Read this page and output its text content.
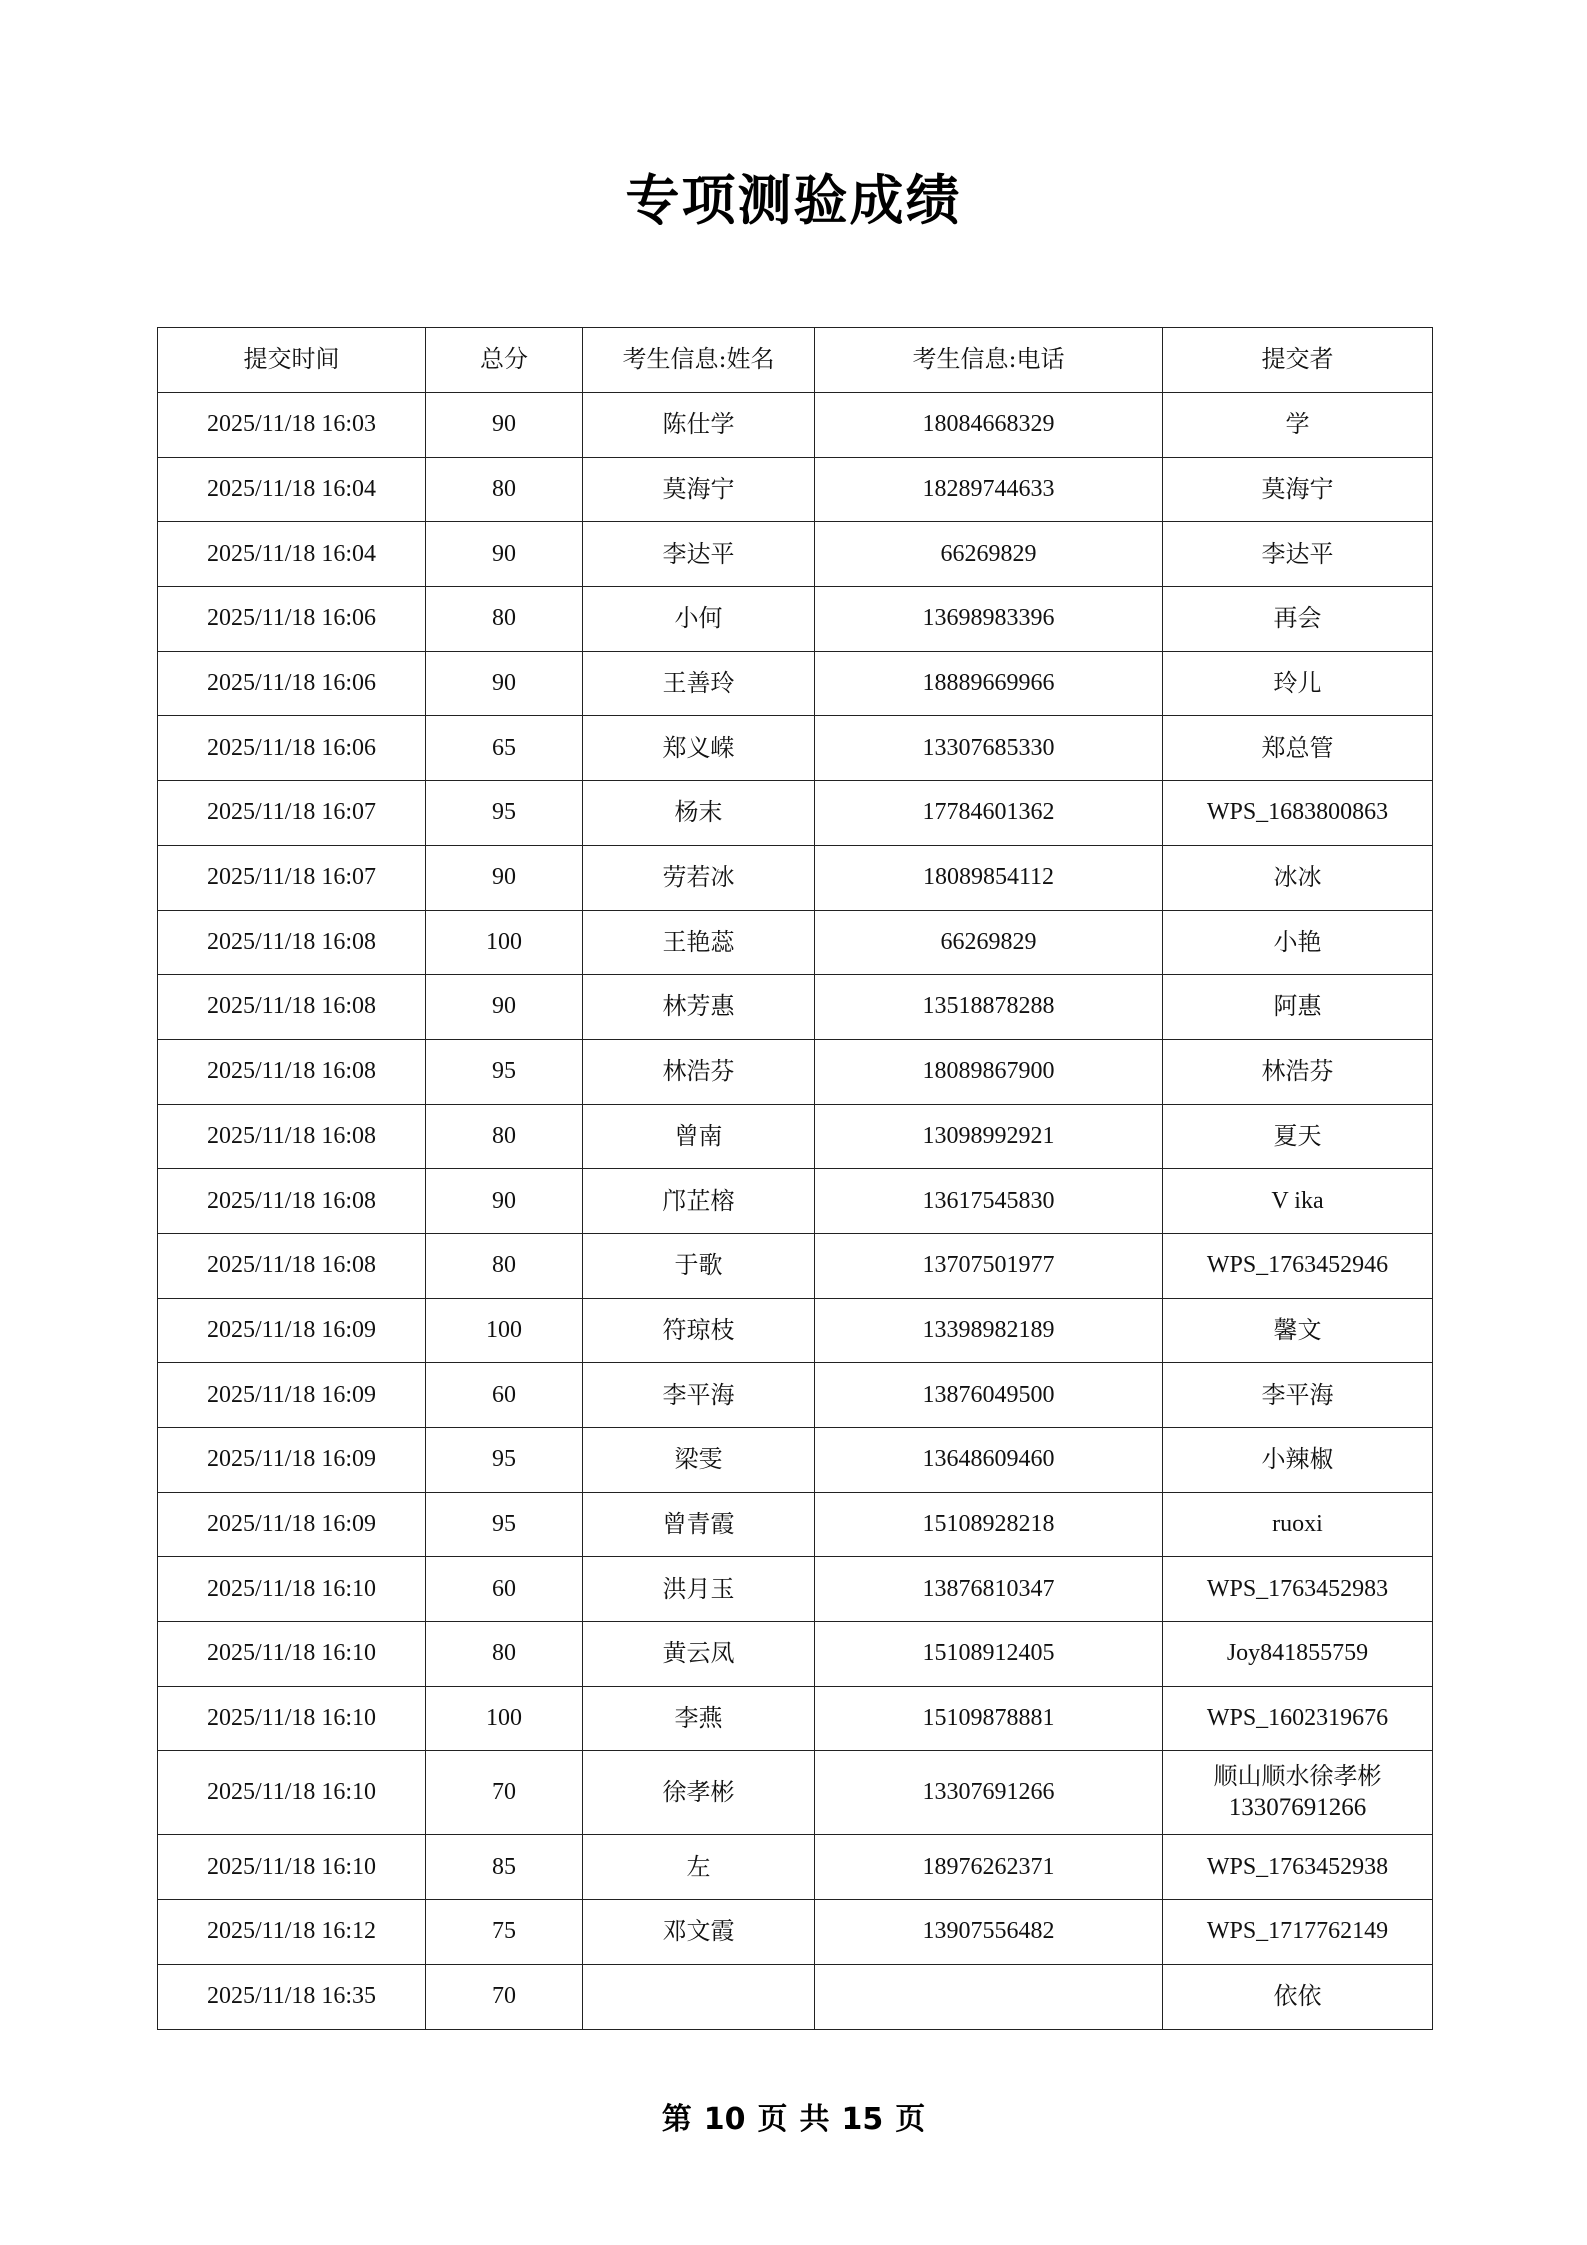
专项测验成绩
提交时间	总分	考生信息:姓名	考生信息:电话	提交者
2025/11/18 16:03	90	陈仕学	18084668329	学
2025/11/18 16:04	80	莫海宁	18289744633	莫海宁
2025/11/18 16:04	90	李达平	66269829	李达平
2025/11/18 16:06	80	小何	13698983396	再会
2025/11/18 16:06	90	王善玲	18889669966	玲儿
2025/11/18 16:06	65	郑义嵘	13307685330	郑总管
2025/11/18 16:07	95	杨末	17784601362	WPS_1683800863
2025/11/18 16:07	90	劳若冰	18089854112	冰冰
2025/11/18 16:08	100	王艳蕊	66269829	小艳
2025/11/18 16:08	90	林芳惠	13518878288	阿惠
2025/11/18 16:08	95	林浩芬	18089867900	林浩芬
2025/11/18 16:08	80	曾南	13098992921	夏天
2025/11/18 16:08	90	邝芷榕	13617545830	V ika
2025/11/18 16:08	80	于歌	13707501977	WPS_1763452946
2025/11/18 16:09	100	符琼枝	13398982189	馨文
2025/11/18 16:09	60	李平海	13876049500	李平海
2025/11/18 16:09	95	梁雯	13648609460	小辣椒
2025/11/18 16:09	95	曾青霞	15108928218	ruoxi
2025/11/18 16:10	60	洪月玉	13876810347	WPS_1763452983
2025/11/18 16:10	80	黄云凤	15108912405	Joy841855759
2025/11/18 16:10	100	李燕	15109878881	WPS_1602319676
2025/11/18 16:10	70	徐孝彬	13307691266	顺山顺水徐孝彬
13307691266

2025/11/18 16:10	85	左	18976262371	WPS_1763452938
2025/11/18 16:12	75	邓文霞	13907556482	WPS_1717762149
2025/11/18 16:35	70			依依
第 10 页 共 15 页
